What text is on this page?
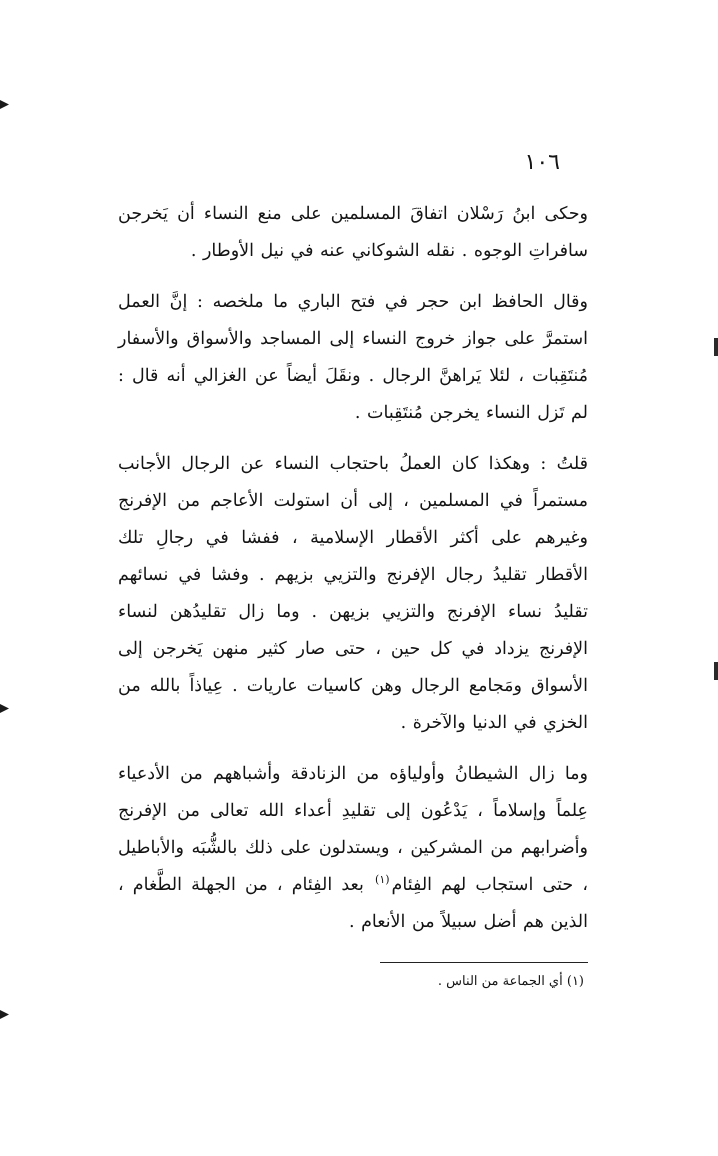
١٠٦

وحكى ابنُ رَسْلان اتفاقَ المسلمين على منع النساء أن يَخرجن سافراتِ الوجوه . نقله الشوكاني عنه في نيل الأوطار .

وقال الحافظ ابن حجر في فتح الباري ما ملخصه : إنَّ العمل استمرَّ على جواز خروج النساء إلى المساجد والأسواق والأسفار مُنتَقِبات ، لئلا يَراهنَّ الرجال . ونقَلَ أيضاً عن الغزالي أنه قال : لم تَزل النساء يخرجن مُنتَقِبات .

قلتُ : وهكذا كان العملُ باحتجاب النساء عن الرجال الأجانب مستمراً في المسلمين ، إلى أن استولت الأعاجم من الإفرنج وغيرهم على أكثر الأقطار الإسلامية ، ففشا في رجالِ تلك الأقطار تقليدُ رجال الإفرنج والتزيي بزيهم . وفشا في نسائهم تقليدُ نساء الإفرنج والتزيي بزيهن . وما زال تقليدُهن لنساء الإفرنج يزداد في كل حين ، حتى صار كثير منهن يَخرجن إلى الأسواق ومَجامع الرجال وهن كاسيات عاريات . عِياذاً بالله من الخزي في الدنيا والآخرة .

وما زال الشيطانُ وأولياؤه من الزنادقة وأشباههم من الأدعياء عِلماً وإسلاماً ، يَدْعُون إلى تقليدِ أعداء الله تعالى من الإفرنج وأضرابهم من المشركين ، ويستدلون على ذلك بالشُّبَه والأباطيل ، حتى استجاب لهم الفِئام$^{(١)}$ بعد الفِئام ، من الجهلة الطَّغام ، الذين هم أضل سبيلاً من الأنعام .

(١) أي الجماعة من الناس .
